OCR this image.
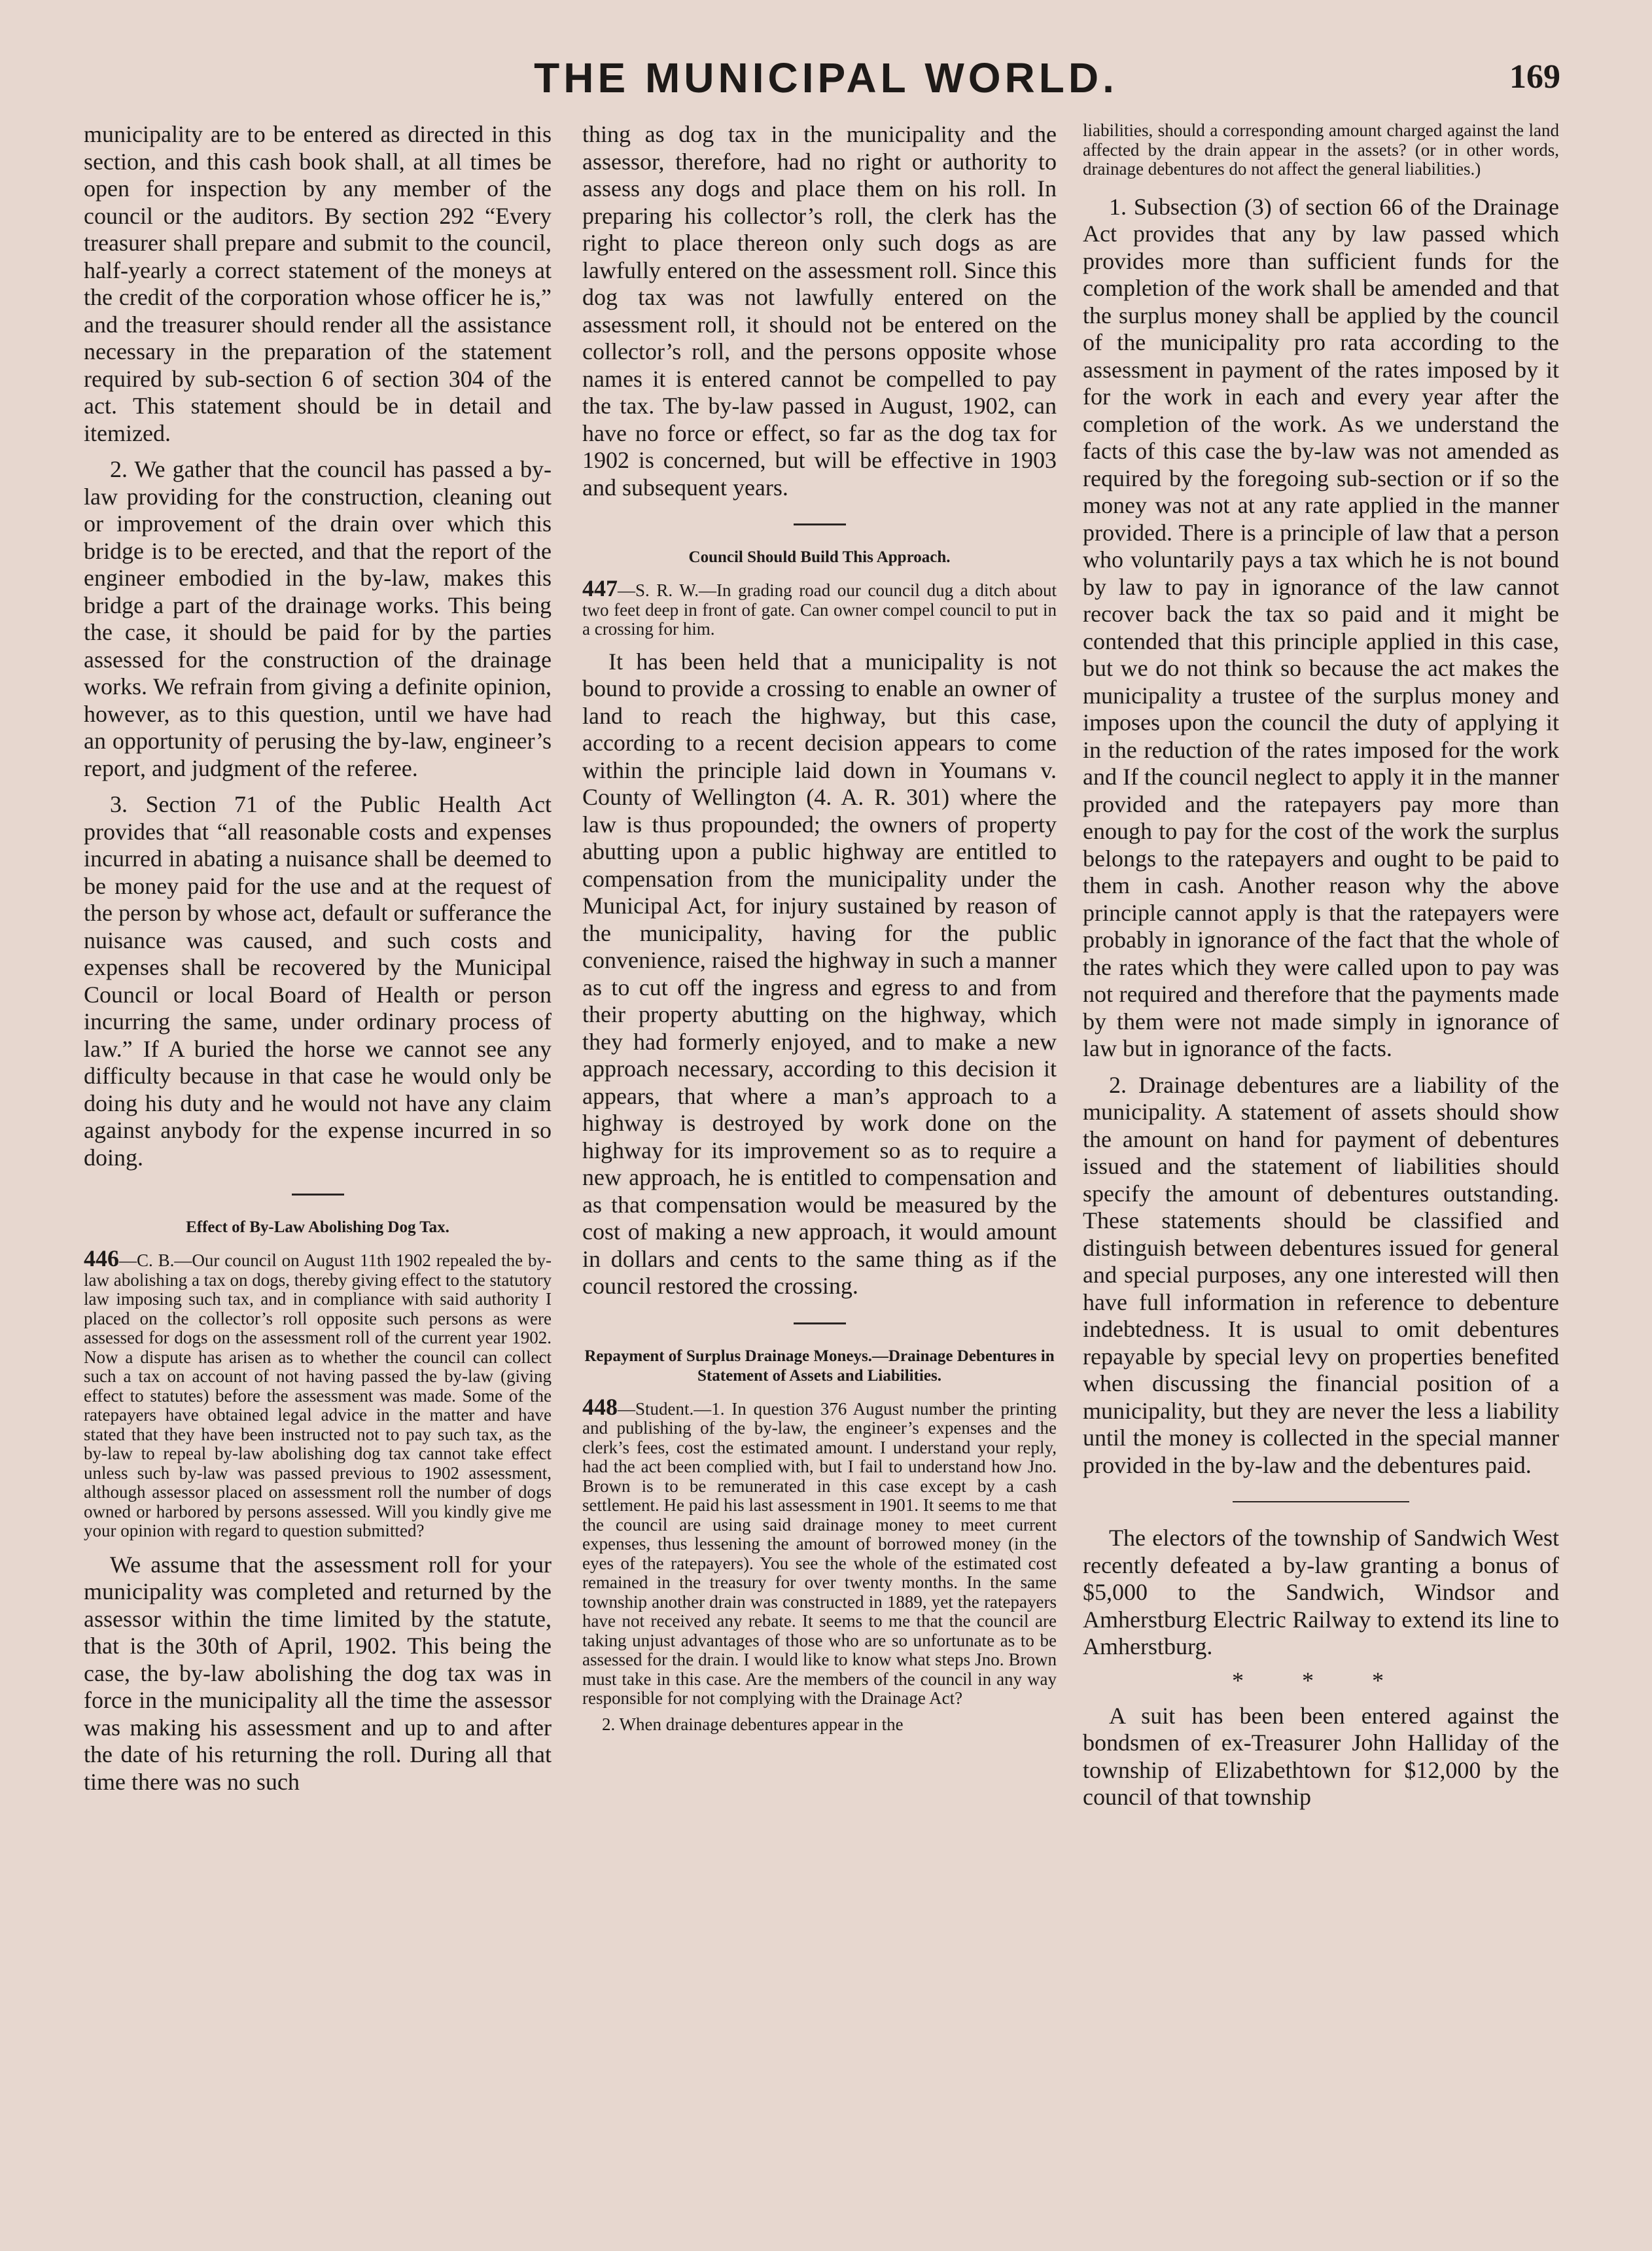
THE MUNICIPAL WORLD.	169

municipality are to be entered as directed in this section, and this cash book shall, at all times be open for inspection by any member of the council or the auditors. By section 292 “Every treasurer shall prepare and submit to the council, half-yearly a correct statement of the moneys at the credit of the corporation whose officer he is,” and the treasurer should render all the assistance necessary in the preparation of the statement required by sub-section 6 of section 304 of the act. This statement should be in detail and itemized.

2. We gather that the council has passed a by-law providing for the construction, cleaning out or improvement of the drain over which this bridge is to be erected, and that the report of the engineer embodied in the by-law, makes this bridge a part of the drainage works. This being the case, it should be paid for by the parties assessed for the construction of the drainage works. We refrain from giving a definite opinion, however, as to this question, until we have had an opportunity of perusing the by-law, engineer’s report, and judgment of the referee.

3. Section 71 of the Public Health Act provides that “all reasonable costs and expenses incurred in abating a nuisance shall be deemed to be money paid for the use and at the request of the person by whose act, default or sufferance the nuisance was caused, and such costs and expenses shall be recovered by the Municipal Council or local Board of Health or person incurring the same, under ordinary process of law.” If A buried the horse we cannot see any difficulty because in that case he would only be doing his duty and he would not have any claim against anybody for the expense incurred in so doing.

Effect of By-Law Abolishing Dog Tax.

446—C. B.—Our council on August 11th 1902 repealed the by-law abolishing a tax on dogs, thereby giving effect to the statutory law imposing such tax, and in compliance with said authority I placed on the collector’s roll opposite such persons as were assessed for dogs on the assessment roll of the current year 1902. Now a dispute has arisen as to whether the council can collect such a tax on account of not having passed the by-law (giving effect to statutes) before the assessment was made. Some of the ratepayers have obtained legal advice in the matter and have stated that they have been instructed not to pay such tax, as the by-law to repeal by-law abolishing dog tax cannot take effect unless such by-law was passed previous to 1902 assessment, although assessor placed on assessment roll the number of dogs owned or harbored by persons assessed. Will you kindly give me your opinion with regard to question submitted?

We assume that the assessment roll for your municipality was completed and returned by the assessor within the time limited by the statute, that is the 30th of April, 1902. This being the case, the by-law abolishing the dog tax was in force in the municipality all the time the assessor was making his assessment and up to and after the date of his returning the roll. During all that time there was no such

thing as dog tax in the municipality and the assessor, therefore, had no right or authority to assess any dogs and place them on his roll. In preparing his collector’s roll, the clerk has the right to place thereon only such dogs as are lawfully entered on the assessment roll. Since this dog tax was not lawfully entered on the assessment roll, it should not be entered on the collector’s roll, and the persons opposite whose names it is entered cannot be compelled to pay the tax. The by-law passed in August, 1902, can have no force or effect, so far as the dog tax for 1902 is concerned, but will be effective in 1903 and subsequent years.

Council Should Build This Approach.

447—S. R. W.—In grading road our council dug a ditch about two feet deep in front of gate. Can owner compel council to put in a crossing for him.

It has been held that a municipality is not bound to provide a crossing to enable an owner of land to reach the highway, but this case, according to a recent decision appears to come within the principle laid down in Youmans v. County of Wellington (4. A. R. 301) where the law is thus propounded; the owners of property abutting upon a public highway are entitled to compensation from the municipality under the Municipal Act, for injury sustained by reason of the municipality, having for the public convenience, raised the highway in such a manner as to cut off the ingress and egress to and from their property abutting on the highway, which they had formerly enjoyed, and to make a new approach necessary, according to this decision it appears, that where a man’s approach to a highway is destroyed by work done on the highway for its improvement so as to require a new approach, he is entitled to compensation and as that compensation would be measured by the cost of making a new approach, it would amount in dollars and cents to the same thing as if the council restored the crossing.

Repayment of Surplus Drainage Moneys.—Drainage Debentures in Statement of Assets and Liabilities.

448—Student.—1. In question 376 August number the printing and publishing of the by-law, the engineer’s expenses and the clerk’s fees, cost the estimated amount. I understand your reply, had the act been complied with, but I fail to understand how Jno. Brown is to be remunerated in this case except by a cash settlement. He paid his last assessment in 1901. It seems to me that the council are using said drainage money to meet current expenses, thus lessening the amount of borrowed money (in the eyes of the ratepayers). You see the whole of the estimated cost remained in the treasury for over twenty months. In the same township another drain was constructed in 1889, yet the ratepayers have not received any rebate. It seems to me that the council are taking unjust advantages of those who are so unfortunate as to be assessed for the drain. I would like to know what steps Jno. Brown must take in this case. Are the members of the council in any way responsible for not complying with the Drainage Act?

2. When drainage debentures appear in the

liabilities, should a corresponding amount charged against the land affected by the drain appear in the assets? (or in other words, drainage debentures do not affect the general liabilities.)

1. Subsection (3) of section 66 of the Drainage Act provides that any by law passed which provides more than sufficient funds for the completion of the work shall be amended and that the surplus money shall be applied by the council of the municipality pro rata according to the assessment in payment of the rates imposed by it for the work in each and every year after the completion of the work. As we understand the facts of this case the by-law was not amended as required by the foregoing sub-section or if so the money was not at any rate applied in the manner provided. There is a principle of law that a person who voluntarily pays a tax which he is not bound by law to pay in ignorance of the law cannot recover back the tax so paid and it might be contended that this principle applied in this case, but we do not think so because the act makes the municipality a trustee of the surplus money and imposes upon the council the duty of applying it in the reduction of the rates imposed for the work and If the council neglect to apply it in the manner provided and the ratepayers pay more than enough to pay for the cost of the work the surplus belongs to the ratepayers and ought to be paid to them in cash. Another reason why the above principle cannot apply is that the ratepayers were probably in ignorance of the fact that the whole of the rates which they were called upon to pay was not required and therefore that the payments made by them were not made simply in ignorance of law but in ignorance of the facts.

2. Drainage debentures are a liability of the municipality. A statement of assets should show the amount on hand for payment of debentures issued and the statement of liabilities should specify the amount of debentures outstanding. These statements should be classified and distinguish between debentures issued for general and special purposes, any one interested will then have full information in reference to debenture indebtedness. It is usual to omit debentures repayable by special levy on properties benefited when discussing the financial position of a municipality, but they are never the less a liability until the money is collected in the special manner provided in the by-law and the debentures paid.

The electors of the township of Sandwich West recently defeated a by-law granting a bonus of $5,000 to the Sandwich, Windsor and Amherstburg Electric Railway to extend its line to Amherstburg.

* * *

A suit has been been entered against the bondsmen of ex-Treasurer John Halliday of the township of Elizabethtown for $12,000 by the council of that township
